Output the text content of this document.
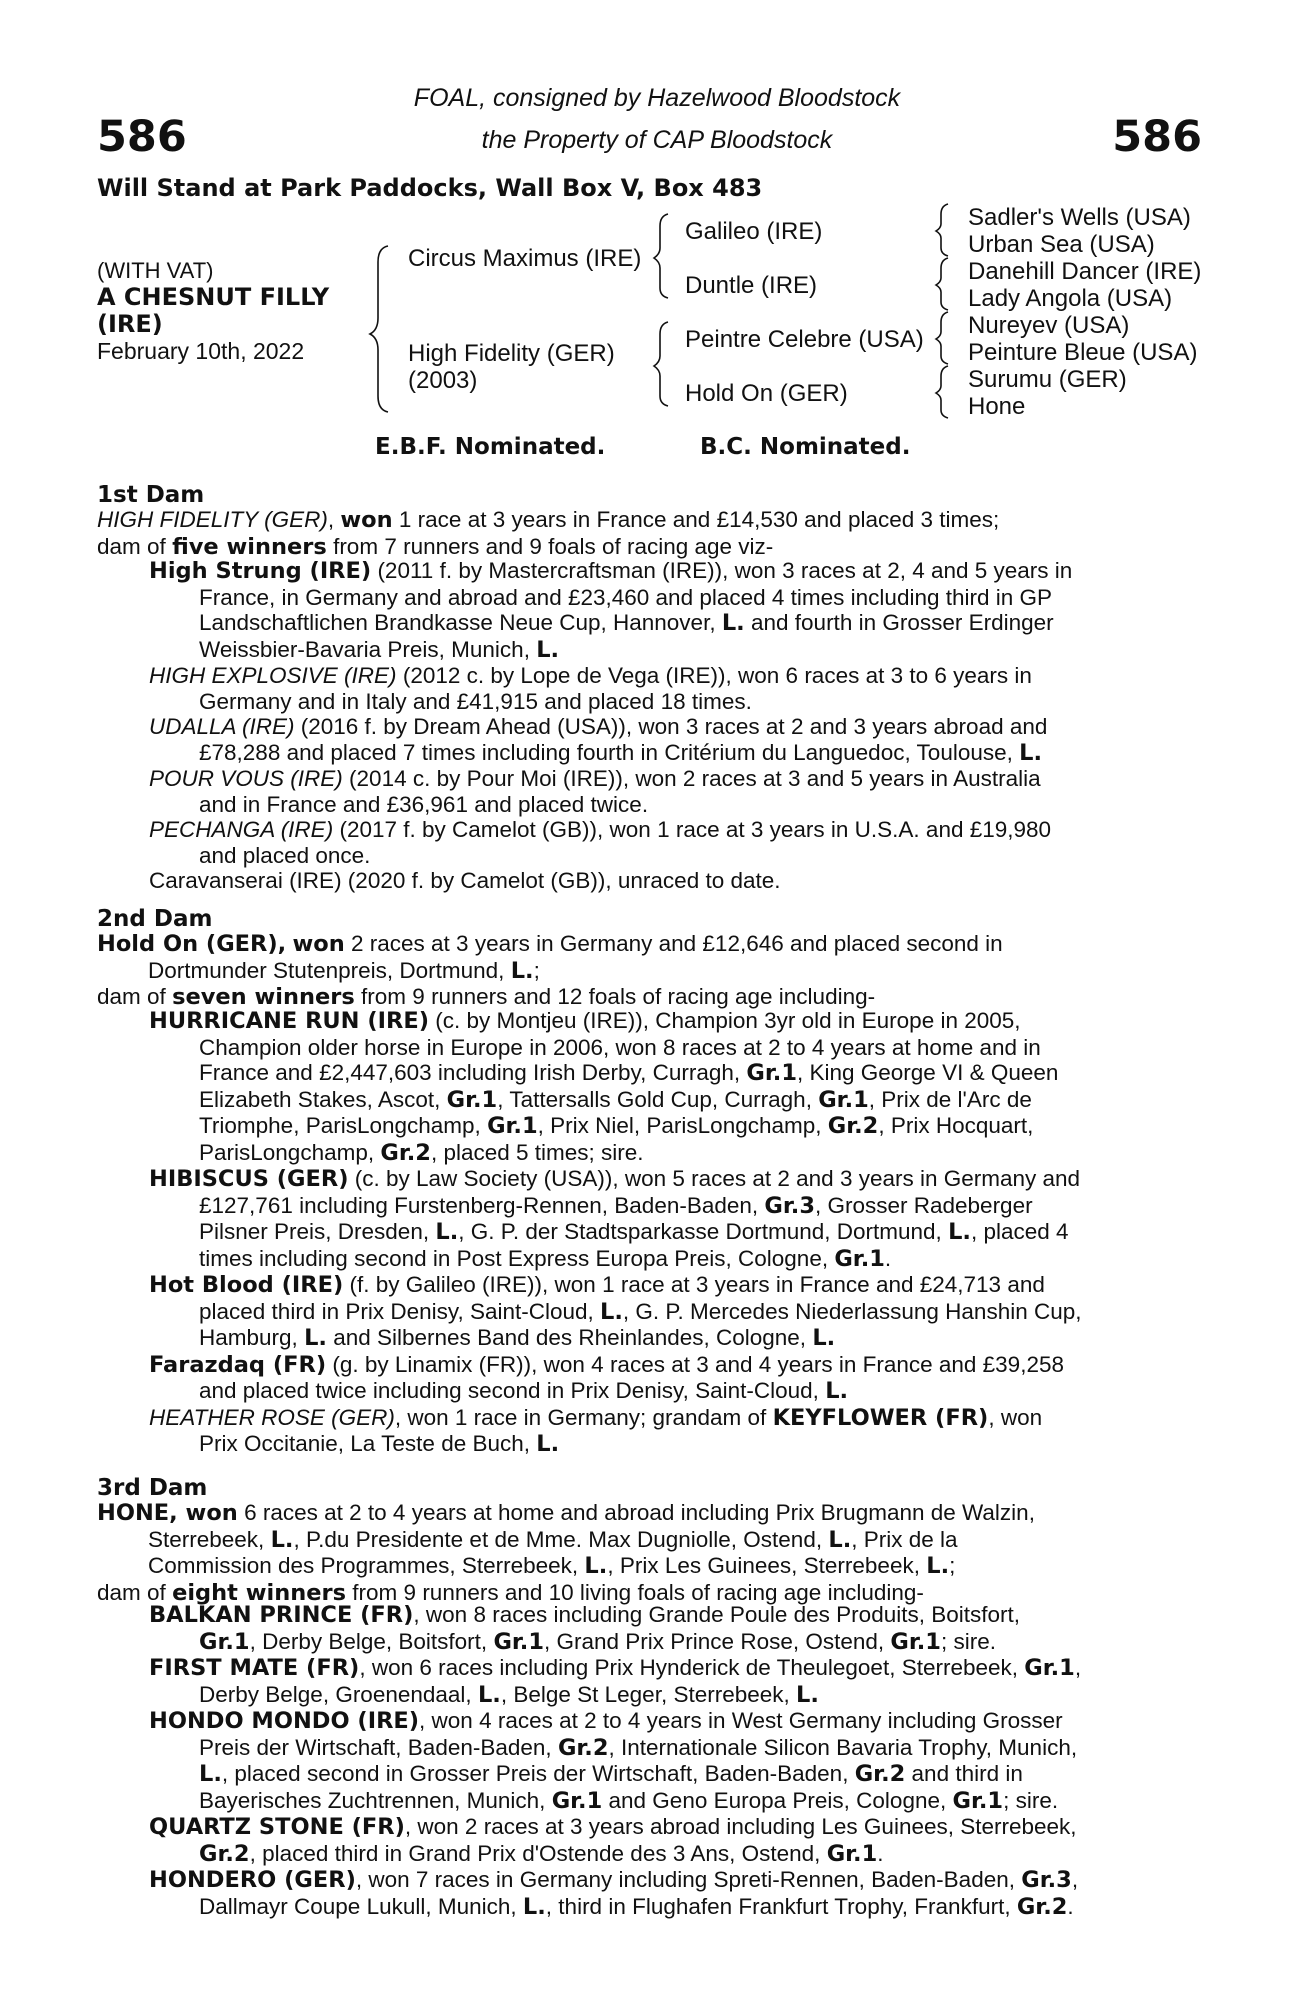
586	586
FOAL, consigned by Hazelwood Bloodstock
the Property of CAP Bloodstock
Will Stand at Park Paddocks, Wall Box V, Box 483
(WITH VAT)
A CHESNUT FILLY
(IRE)
February 10th, 2022
Circus Maximus (IRE)
High Fidelity (GER)
(2003)
Galileo (IRE)
Duntle (IRE)
Peintre Celebre (USA)
Hold On (GER)
Sadler's Wells (USA)
Urban Sea (USA)
Danehill Dancer (IRE)
Lady Angola (USA)
Nureyev (USA)
Peinture Bleue (USA)
Surumu (GER)
Hone
E.B.F. Nominated.	B.C. Nominated.
1st Dam
HIGH FIDELITY (GER), won 1 race at 3 years in France and £14,530 and placed 3 times;
dam of five winners from 7 runners and 9 foals of racing age viz-
High Strung (IRE) (2011 f. by Mastercraftsman (IRE)), won 3 races at 2, 4 and 5 years in
France, in Germany and abroad and £23,460 and placed 4 times including third in GP
Landschaftlichen Brandkasse Neue Cup, Hannover, L. and fourth in Grosser Erdinger
Weissbier-Bavaria Preis, Munich, L.
HIGH EXPLOSIVE (IRE) (2012 c. by Lope de Vega (IRE)), won 6 races at 3 to 6 years in
Germany and in Italy and £41,915 and placed 18 times.
UDALLA (IRE) (2016 f. by Dream Ahead (USA)), won 3 races at 2 and 3 years abroad and
£78,288 and placed 7 times including fourth in Critérium du Languedoc, Toulouse, L.
POUR VOUS (IRE) (2014 c. by Pour Moi (IRE)), won 2 races at 3 and 5 years in Australia
and in France and £36,961 and placed twice.
PECHANGA (IRE) (2017 f. by Camelot (GB)), won 1 race at 3 years in U.S.A. and £19,980
and placed once.
Caravanserai (IRE) (2020 f. by Camelot (GB)), unraced to date.
2nd Dam
Hold On (GER), won 2 races at 3 years in Germany and £12,646 and placed second in
Dortmunder Stutenpreis, Dortmund, L.;
dam of seven winners from 9 runners and 12 foals of racing age including-
HURRICANE RUN (IRE) (c. by Montjeu (IRE)), Champion 3yr old in Europe in 2005,
Champion older horse in Europe in 2006, won 8 races at 2 to 4 years at home and in
France and £2,447,603 including Irish Derby, Curragh, Gr.1, King George VI & Queen
Elizabeth Stakes, Ascot, Gr.1, Tattersalls Gold Cup, Curragh, Gr.1, Prix de l'Arc de
Triomphe, ParisLongchamp, Gr.1, Prix Niel, ParisLongchamp, Gr.2, Prix Hocquart,
ParisLongchamp, Gr.2, placed 5 times; sire.
HIBISCUS (GER) (c. by Law Society (USA)), won 5 races at 2 and 3 years in Germany and
£127,761 including Furstenberg-Rennen, Baden-Baden, Gr.3, Grosser Radeberger
Pilsner Preis, Dresden, L., G. P. der Stadtsparkasse Dortmund, Dortmund, L., placed 4
times including second in Post Express Europa Preis, Cologne, Gr.1.
Hot Blood (IRE) (f. by Galileo (IRE)), won 1 race at 3 years in France and £24,713 and
placed third in Prix Denisy, Saint-Cloud, L., G. P. Mercedes Niederlassung Hanshin Cup,
Hamburg, L. and Silbernes Band des Rheinlandes, Cologne, L.
Farazdaq (FR) (g. by Linamix (FR)), won 4 races at 3 and 4 years in France and £39,258
and placed twice including second in Prix Denisy, Saint-Cloud, L.
HEATHER ROSE (GER), won 1 race in Germany; grandam of KEYFLOWER (FR), won
Prix Occitanie, La Teste de Buch, L.
3rd Dam
HONE, won 6 races at 2 to 4 years at home and abroad including Prix Brugmann de Walzin,
Sterrebeek, L., P.du Presidente et de Mme. Max Dugniolle, Ostend, L., Prix de la
Commission des Programmes, Sterrebeek, L., Prix Les Guinees, Sterrebeek, L.;
dam of eight winners from 9 runners and 10 living foals of racing age including-
BALKAN PRINCE (FR), won 8 races including Grande Poule des Produits, Boitsfort,
Gr.1, Derby Belge, Boitsfort, Gr.1, Grand Prix Prince Rose, Ostend, Gr.1; sire.
FIRST MATE (FR), won 6 races including Prix Hynderick de Theulegoet, Sterrebeek, Gr.1,
Derby Belge, Groenendaal, L., Belge St Leger, Sterrebeek, L.
HONDO MONDO (IRE), won 4 races at 2 to 4 years in West Germany including Grosser
Preis der Wirtschaft, Baden-Baden, Gr.2, Internationale Silicon Bavaria Trophy, Munich,
L., placed second in Grosser Preis der Wirtschaft, Baden-Baden, Gr.2 and third in
Bayerisches Zuchtrennen, Munich, Gr.1 and Geno Europa Preis, Cologne, Gr.1; sire.
QUARTZ STONE (FR), won 2 races at 3 years abroad including Les Guinees, Sterrebeek,
Gr.2, placed third in Grand Prix d'Ostende des 3 Ans, Ostend, Gr.1.
HONDERO (GER), won 7 races in Germany including Spreti-Rennen, Baden-Baden, Gr.3,
Dallmayr Coupe Lukull, Munich, L., third in Flughafen Frankfurt Trophy, Frankfurt, Gr.2.
